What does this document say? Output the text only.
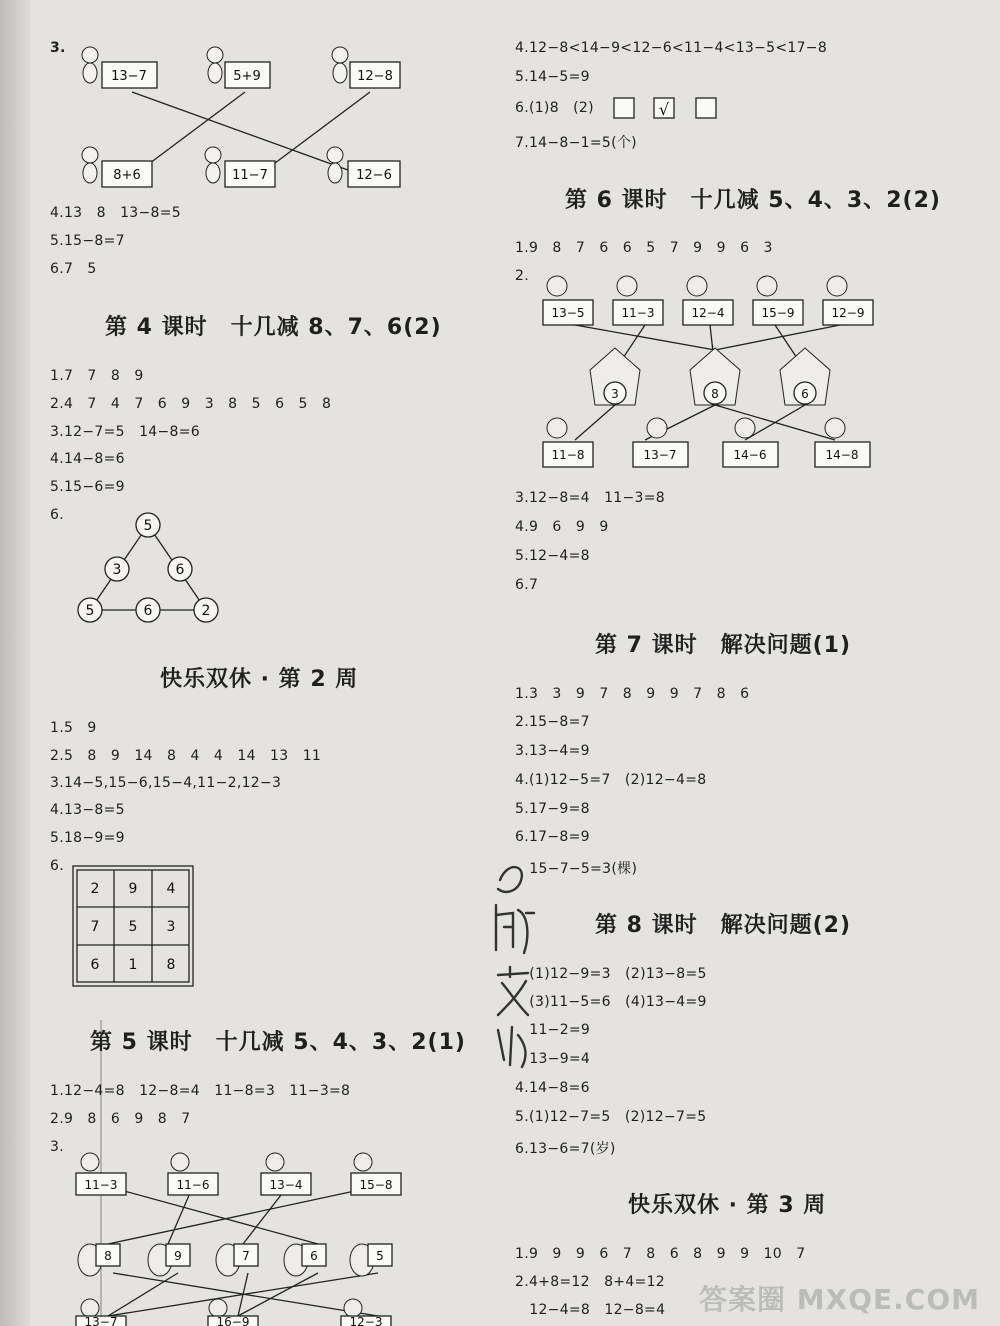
3.
13−7	5+9	12−8
8+6	11−7	12−6
4.13   8   13−8=5
5.15−8=7
6.7   5
第 4 课时　十几减 8、7、6(2)
1.7   7   8   9
2.4   7   4   7   6   9   3   8   5   6   5   8
3.12−7=5   14−8=6
4.14−8=6
5.15−6=9
6.
5
3	6
5	6	2
快乐双休 · 第 2 周
1.5   9
2.5   8   9   14   8   4   4   14   13   11
3.14−5,15−6,15−4,11−2,12−3
4.13−8=5
5.18−9=9
6.
2 9 4
7 5 3
6 1 8
第 5 课时　十几减 5、4、3、2(1)
1.12−4=8   12−8=4   11−8=3   11−3=8
2.9   8   6   9   8   7
3.
11−3	11−6	13−4	15−8
8	9	7	6	5
13−7	16−9	12−3
4.12−8<14−9<12−6<11−4<13−5<17−8
5.14−5=9
6.(1)8   (2)	√
7.14−8−1=5(个)
第 6 课时　十几减 5、4、3、2(2)
1.9   8   7   6   6   5   7   9   9   6   3
2.
13−5	11−3	12−4	15−9	12−9
3	8	6
11−8	13−7	14−6	14−8
3.12−8=4   11−3=8
4.9   6   9   9
5.12−4=8
6.7
第 7 课时　解决问题(1)
1.3   3   9   7   8   9   9   7   8   6
2.15−8=7
3.13−4=9
4.(1)12−5=7   (2)12−4=8
5.17−9=8
6.17−8=9
15−7−5=3(棵)
第 8 课时　解决问题(2)
(1)12−9=3   (2)13−8=5
(3)11−5=6   (4)13−4=9
11−2=9
13−9=4
4.14−8=6
5.(1)12−7=5   (2)12−7=5
6.13−6=7(岁)
快乐双休 · 第 3 周
1.9   9   9   6   7   8   6   8   9   9   10   7
2.4+8=12   8+4=12
12−4=8   12−8=4 答案圈 MXQE.COM
